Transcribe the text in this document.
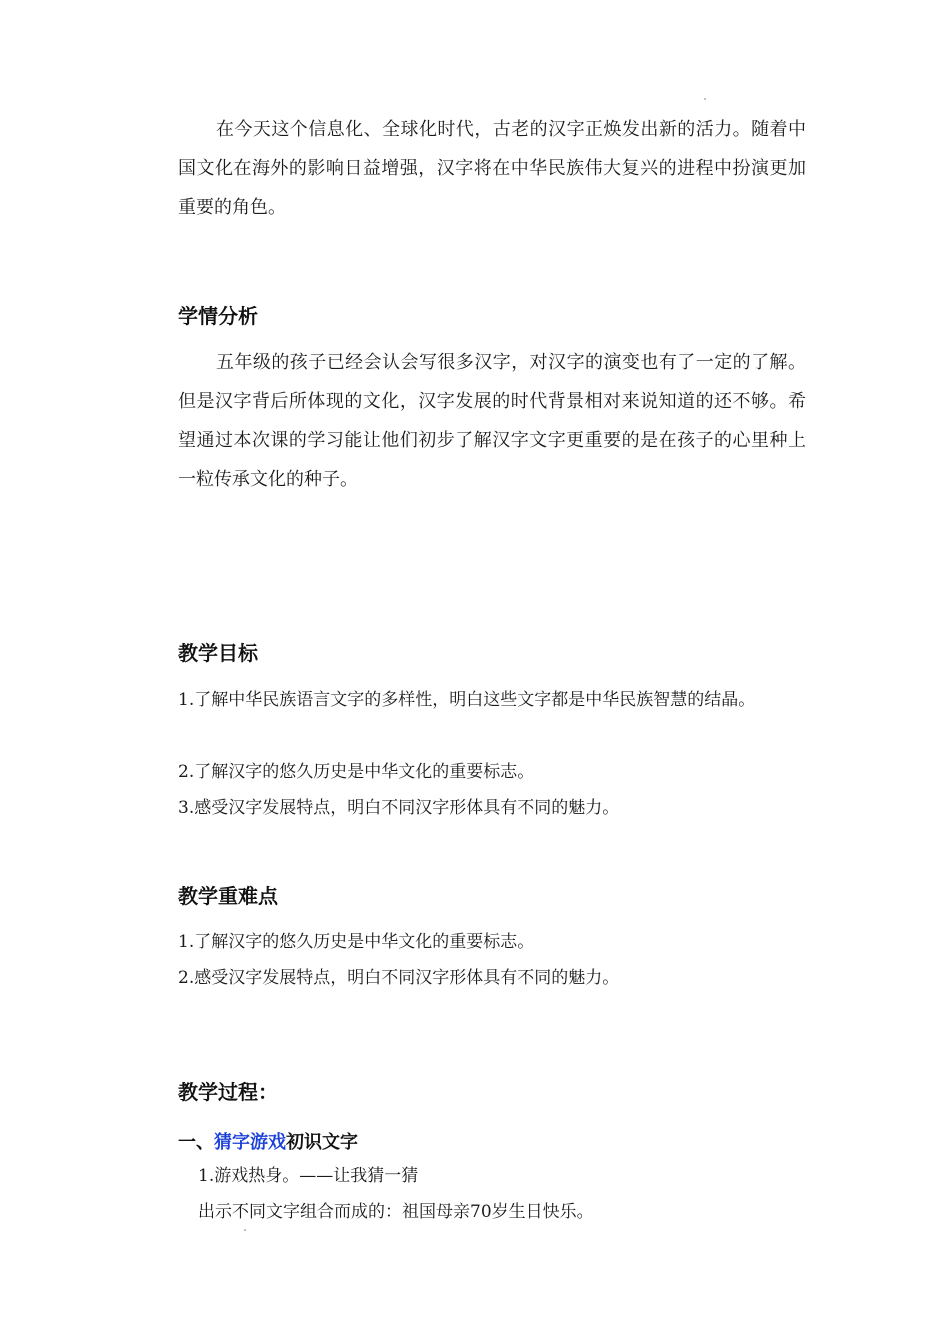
在今天这个信息化、全球化时代，古老的汉字正焕发出新的活力。随着中国文化在海外的影响日益增强，汉字将在中华民族伟大复兴的进程中扮演更加重要的角色。

学情分析

五年级的孩子已经会认会写很多汉字，对汉字的演变也有了一定的了解。但是汉字背后所体现的文化，汉字发展的时代背景相对来说知道的还不够。希望通过本次课的学习能让他们初步了解汉字文字更重要的是在孩子的心里种上一粒传承文化的种子。

教学目标

1.了解中华民族语言文字的多样性，明白这些文字都是中华民族智慧的结晶。

2.了解汉字的悠久历史是中华文化的重要标志。

3.感受汉字发展特点，明白不同汉字形体具有不同的魅力。

教学重难点

1.了解汉字的悠久历史是中华文化的重要标志。

2.感受汉字发展特点，明白不同汉字形体具有不同的魅力。

教学过程：

一、猜字游戏初识文字

1.游戏热身。——让我猜一猜

出示不同文字组合而成的：祖国母亲70岁生日快乐。
